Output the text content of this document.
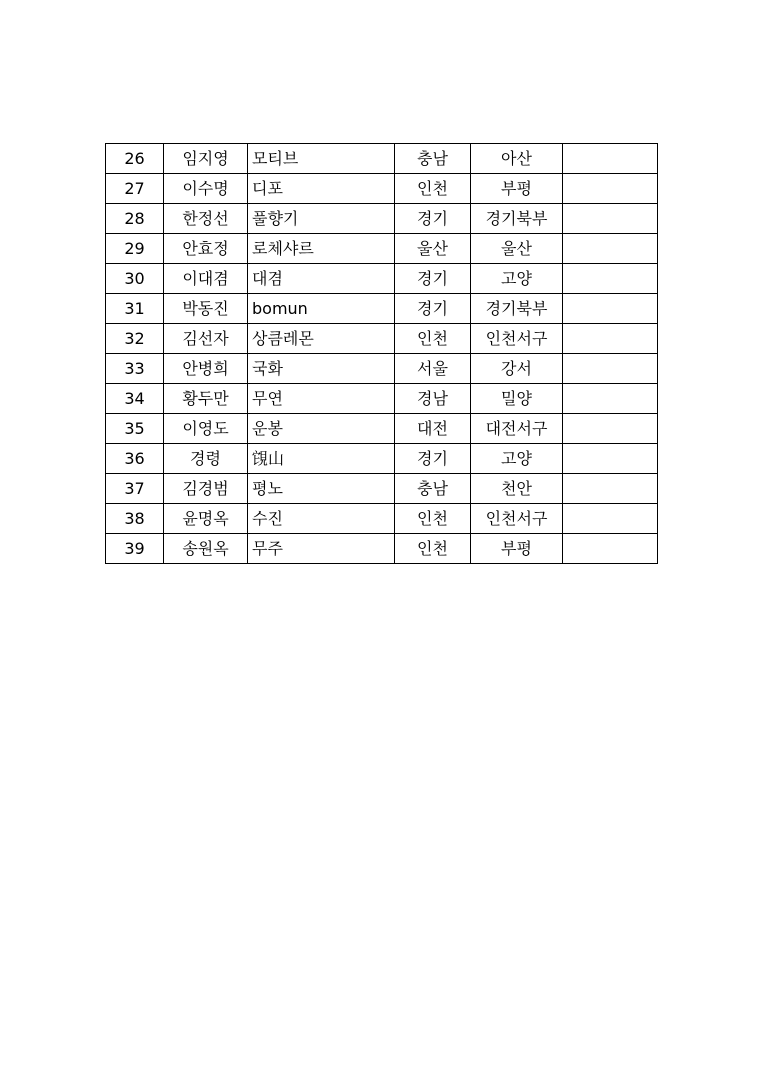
26	임지영	모티브	충남	아산	
27	이수명	디포	인천	부평	
28	한정선	풀향기	경기	경기북부	
29	안효정	로체샤르	울산	울산	
30	이대겸	대겸	경기	고양	
31	박동진	bomun	경기	경기북부	
32	김선자	상큼레몬	인천	인천서구	
33	안병희	국화	서울	강서	
34	황두만	무연	경남	밀양	
35	이영도	운봉	대전	대전서구	
36	경령	䙾山	경기	고양	
37	김경범	평노	충남	천안	
38	윤명옥	수진	인천	인천서구	
39	송원옥	무주	인천	부평	
